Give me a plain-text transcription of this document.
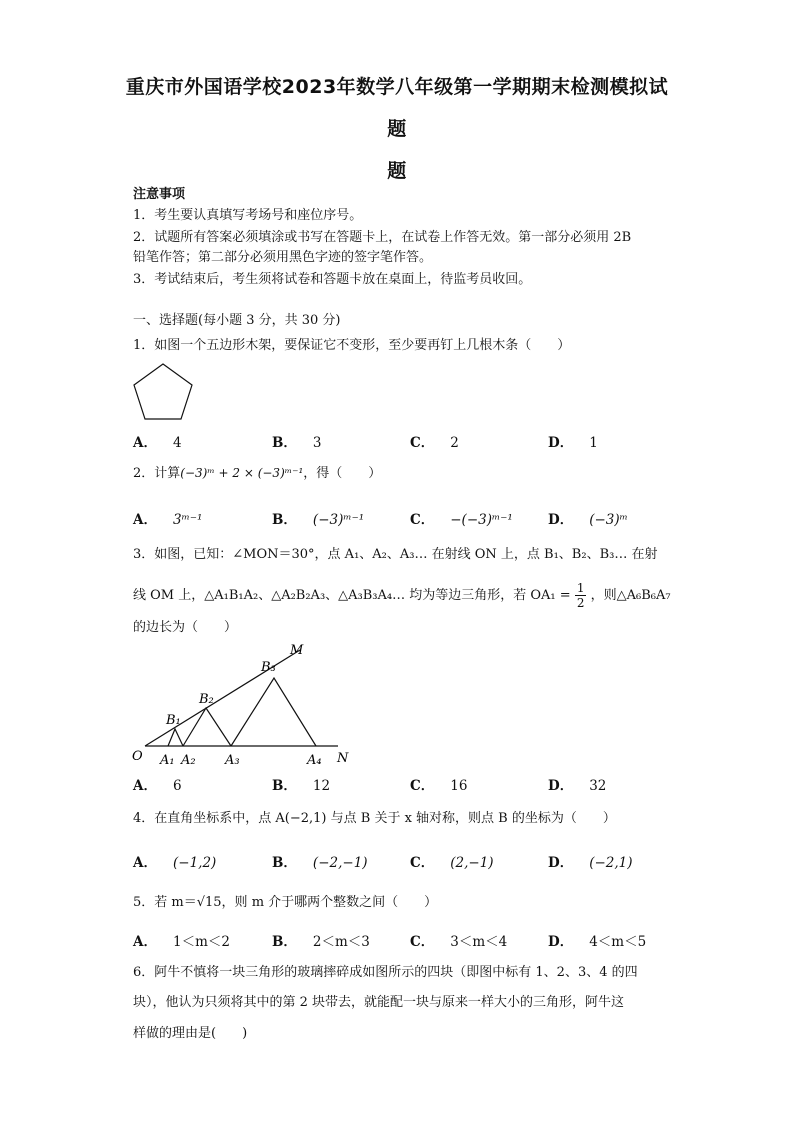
重庆市外国语学校2023年数学八年级第一学期期末检测模拟试
题
题
注意事项
1．考生要认真填写考场号和座位序号。
2．试题所有答案必须填涂或书写在答题卡上，在试卷上作答无效。第一部分必须用 2B
铅笔作答；第二部分必须用黑色字迹的签字笔作答。
3．考试结束后，考生须将试卷和答题卡放在桌面上，待监考员收回。
一、选择题(每小题 3 分，共 30 分)
1．如图一个五边形木架，要保证它不变形，至少要再钉上几根木条（　　）
A． 4	B． 3	C． 2	D． 1
2．计算(−3)ᵐ + 2 × (−3)ᵐ⁻¹，得（　　）
A． 3ᵐ⁻¹	B． (−3)ᵐ⁻¹	C． −(−3)ᵐ⁻¹	D． (−3)ᵐ
3．如图，已知：∠MON＝30°，点 A₁、A₂、A₃… 在射线 ON 上，点 B₁、B₂、B₃… 在射
线 OM 上，△A₁B₁A₂、△A₂B₂A₃、△A₃B₃A₄… 均为等边三角形，若 $OA_1 = \frac{1}{2}$ ，则△A₆B₆A₇
的边长为（　　）
O	N
M
A₁ A₂ A₃	A₄
B₁
B₂
B₃
A． 6	B． 12	C． 16	D． 32
4．在直角坐标系中，点 A(−2,1) 与点 B 关于 x 轴对称，则点 B 的坐标为（　　）
A． (−1,2)	B． (−2,−1)	C． (2,−1)	D． (−2,1)
5．若 m＝√15，则 m 介于哪两个整数之间（　　）
A． 1＜m＜2	B． 2＜m＜3	C． 3＜m＜4	D． 4＜m＜5
6．阿牛不慎将一块三角形的玻璃摔碎成如图所示的四块（即图中标有 1、2、3、4 的四
块），他认为只须将其中的第 2 块带去，就能配一块与原来一样大小的三角形，阿牛这
样做的理由是(　　)
